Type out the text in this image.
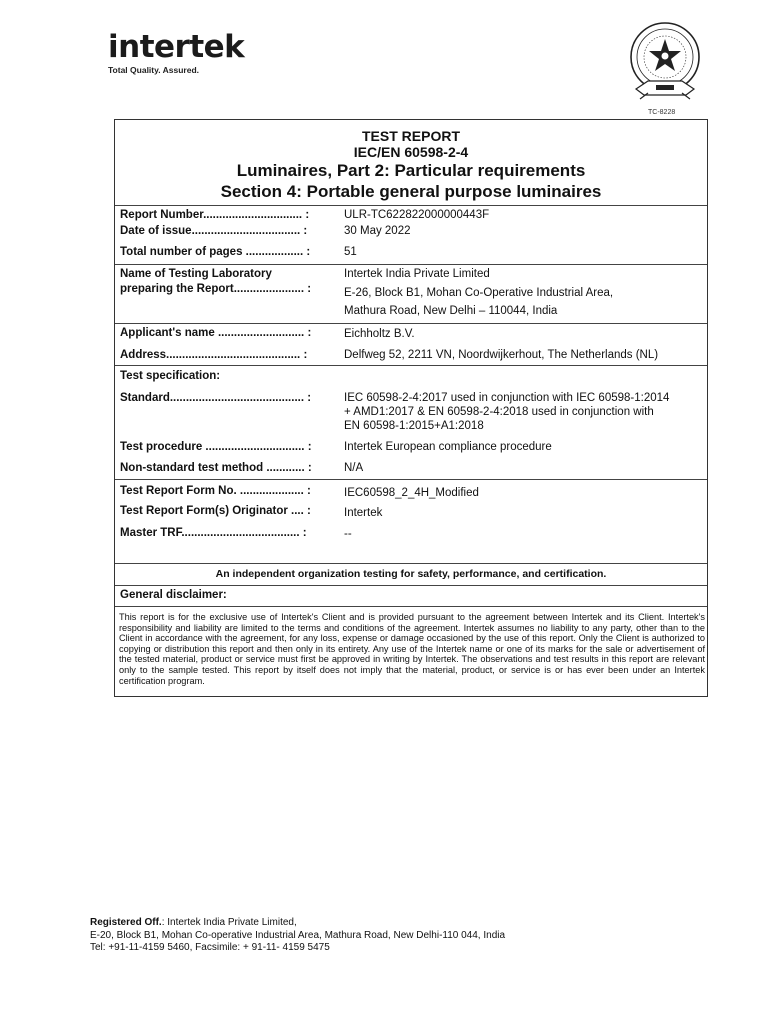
intertek
Total Quality. Assured.
TC-8228
TEST REPORT
IEC/EN 60598-2-4
Luminaires, Part 2: Particular requirements
Section 4: Portable general purpose luminaires
Report Number............................... :	ULR-TC622822000000443F
Date of issue.................................. :	30 May 2022
Total number of pages .................. :	51
Name of Testing Laboratory
preparing the Report...................... :
Intertek India Private Limited
E-26, Block B1, Mohan Co-Operative Industrial Area,
Mathura Road, New Delhi – 110044, India
Applicant's name ........................... :	Eichholtz B.V.
Address.......................................... :	Delfweg 52, 2211 VN, Noordwijkerhout, The Netherlands (NL)
Test specification:
Standard.......................................... :	IEC 60598-2-4:2017 used in conjunction with IEC 60598-1:2014
+ AMD1:2017 & EN 60598-2-4:2018 used in conjunction with
EN 60598-1:2015+A1:2018
Test procedure ............................... :	Intertek European compliance procedure
Non-standard test method ............ :	N/A
Test Report Form No. .................... :	IEC60598_2_4H_Modified
Test Report Form(s) Originator .... :	Intertek
Master TRF..................................... :	--
An independent organization testing for safety, performance, and certification.
General disclaimer:
This report is for the exclusive use of Intertek's Client and is provided pursuant to the agreement between Intertek and its Client. Intertek's responsibility and liability are limited to the terms and conditions of the agreement. Intertek assumes no liability to any party, other than to the Client in accordance with the agreement, for any loss, expense or damage occasioned by the use of this report. Only the Client is authorized to copying or distribution this report and then only in its entirety. Any use of the Intertek name or one of its marks for the sale or advertisement of the tested material, product or service must first be approved in writing by Intertek. The observations and test results in this report are relevant only to the sample tested. This report by itself does not imply that the material, product, or service is or has ever been under an Intertek certification program.
Registered Off.: Intertek India Private Limited,
E-20, Block B1, Mohan Co-operative Industrial Area, Mathura Road, New Delhi-110 044, India
Tel: +91-11-4159 5460, Facsimile: + 91-11- 4159 5475
